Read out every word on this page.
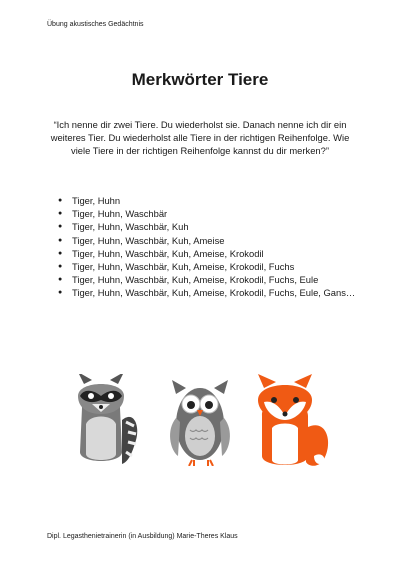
Übung akustisches Gedächtnis
Merkwörter Tiere
“Ich nenne dir zwei Tiere. Du wiederholst sie. Danach nenne ich dir ein weiteres Tier. Du wiederholst alle Tiere in der richtigen Reihenfolge. Wie viele Tiere in der richtigen Reihenfolge kannst du dir merken?”
● Tiger, Huhn
● Tiger, Huhn, Waschbär
● Tiger, Huhn, Waschbär, Kuh
● Tiger, Huhn, Waschbär, Kuh, Ameise
● Tiger, Huhn, Waschbär, Kuh, Ameise, Krokodil
● Tiger, Huhn, Waschbär, Kuh, Ameise, Krokodil, Fuchs
● Tiger, Huhn, Waschbär, Kuh, Ameise, Krokodil, Fuchs, Eule
● Tiger, Huhn, Waschbär, Kuh, Ameise, Krokodil, Fuchs, Eule, Gans…
Dipl. Legasthenietrainerin (in Ausbildung) Marie-Theres Klaus
